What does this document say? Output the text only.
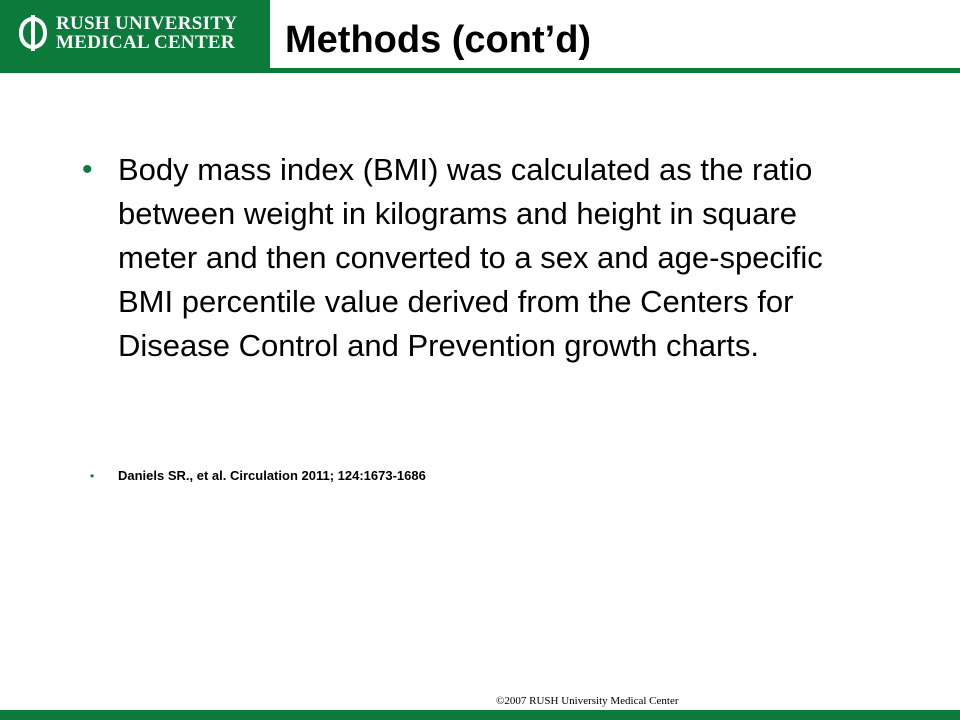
RUSH UNIVERSITY
MEDICAL CENTER Methods (cont’d)
• Body mass index (BMI) was calculated as the ratio between weight in kilograms and height in square meter and then converted to a sex and age-specific BMI percentile value derived from the Centers for Disease Control and Prevention growth charts.
•	Daniels SR., et al. Circulation 2011; 124:1673-1686
©2007 RUSH University Medical Center
